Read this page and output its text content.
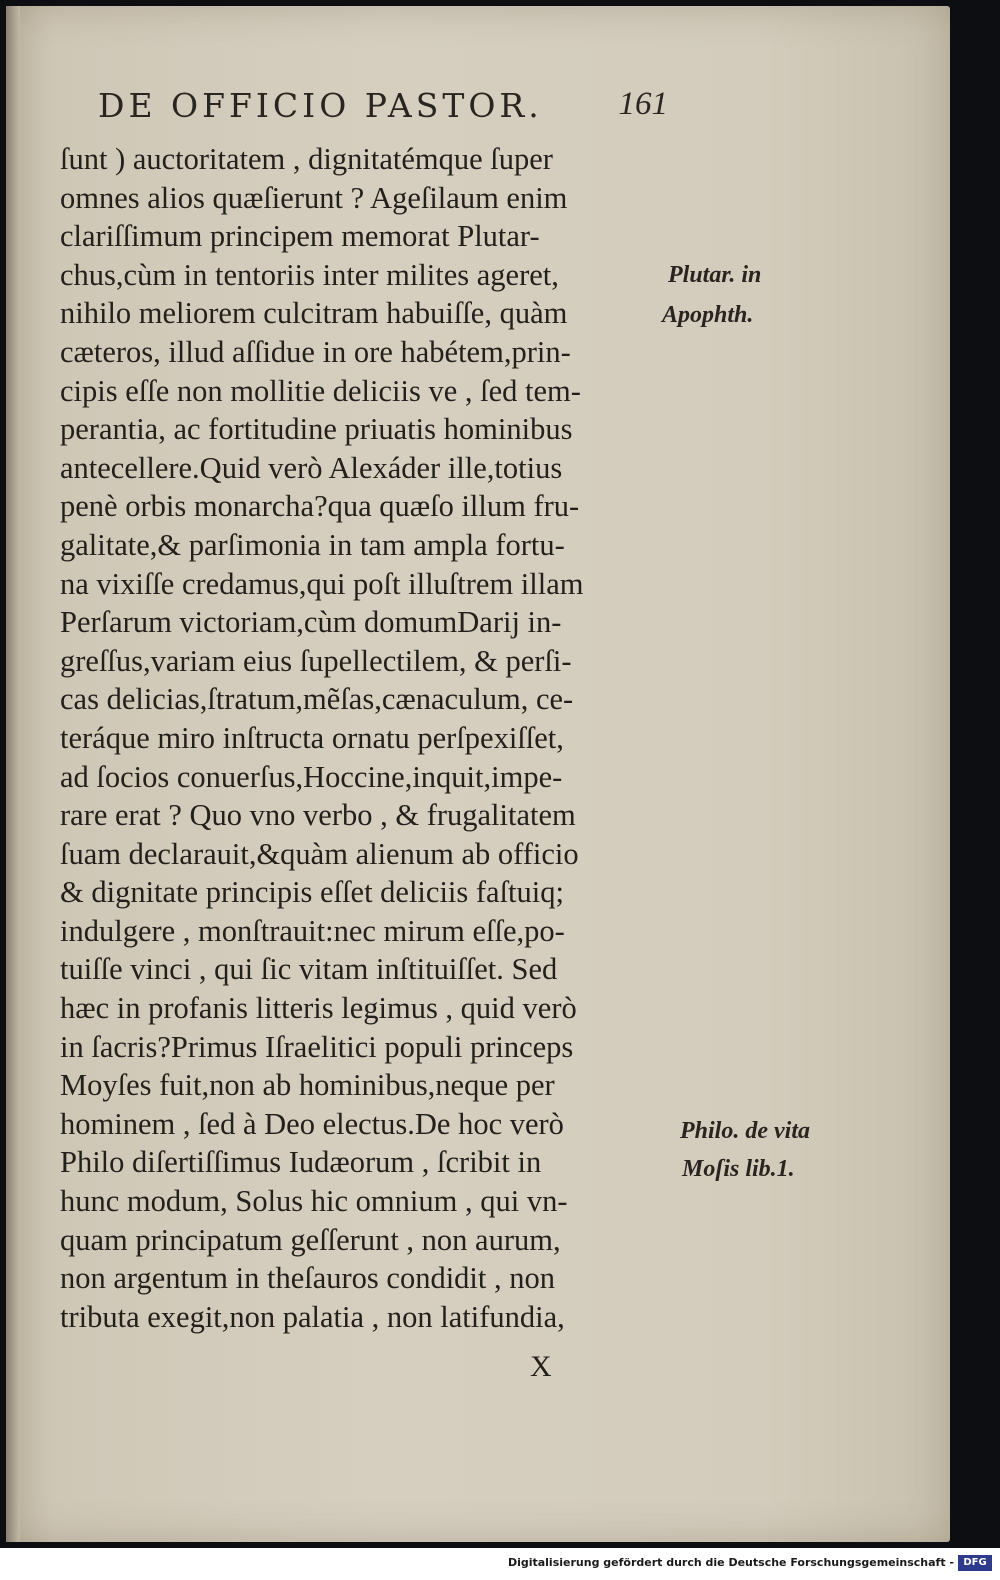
DE OFFICIO PASTOR. 161
ſunt ) auctoritatem , dignitatémque ſuper
omnes alios quæſierunt ? Ageſilaum enim
clariſſimum principem memorat Plutar-
chus,cùm in tentoriis inter milites ageret,
nihilo meliorem culcitram habuiſſe, quàm
cæteros, illud aſſidue in ore habétem,prin-
cipis eſſe non mollitie deliciis ve , ſed tem-
perantia, ac fortitudine priuatis hominibus
antecellere.Quid verò Alexáder ille,totius
penè orbis monarcha?qua quæſo illum fru-
galitate,& parſimonia in tam ampla fortu-
na vixiſſe credamus,qui poſt illuſtrem illam
Perſarum victoriam,cùm domumDarij in-
greſſus,variam eius ſupellectilem, & perſi-
cas delicias,ſtratum,mẽſas,cænaculum, ce-
teráque miro inſtructa ornatu perſpexiſſet,
ad ſocios conuerſus,Hoccine,inquit,impe-
rare erat ? Quo vno verbo , & frugalitatem
ſuam declarauit,&quàm alienum ab officio
& dignitate principis eſſet deliciis faſtuiq;
indulgere , monſtrauit:nec mirum eſſe,po-
tuiſſe vinci , qui ſic vitam inſtituiſſet. Sed
hæc in profanis litteris legimus , quid verò
in ſacris?Primus Iſraelitici populi princeps
Moyſes fuit,non ab hominibus,neque per
hominem , ſed à Deo electus.De hoc verò
Philo diſertiſſimus Iudæorum , ſcribit in
hunc modum, Solus hic omnium , qui vn-
quam principatum geſſerunt , non aurum,
non argentum in theſauros condidit , non
tributa exegit,non palatia , non latifundia,
Plutar. in
Apophth.
Philo. de vita
Moſis lib.1.
X
Digitalisierung gefördert durch die Deutsche Forschungsgemeinschaft - DFG
